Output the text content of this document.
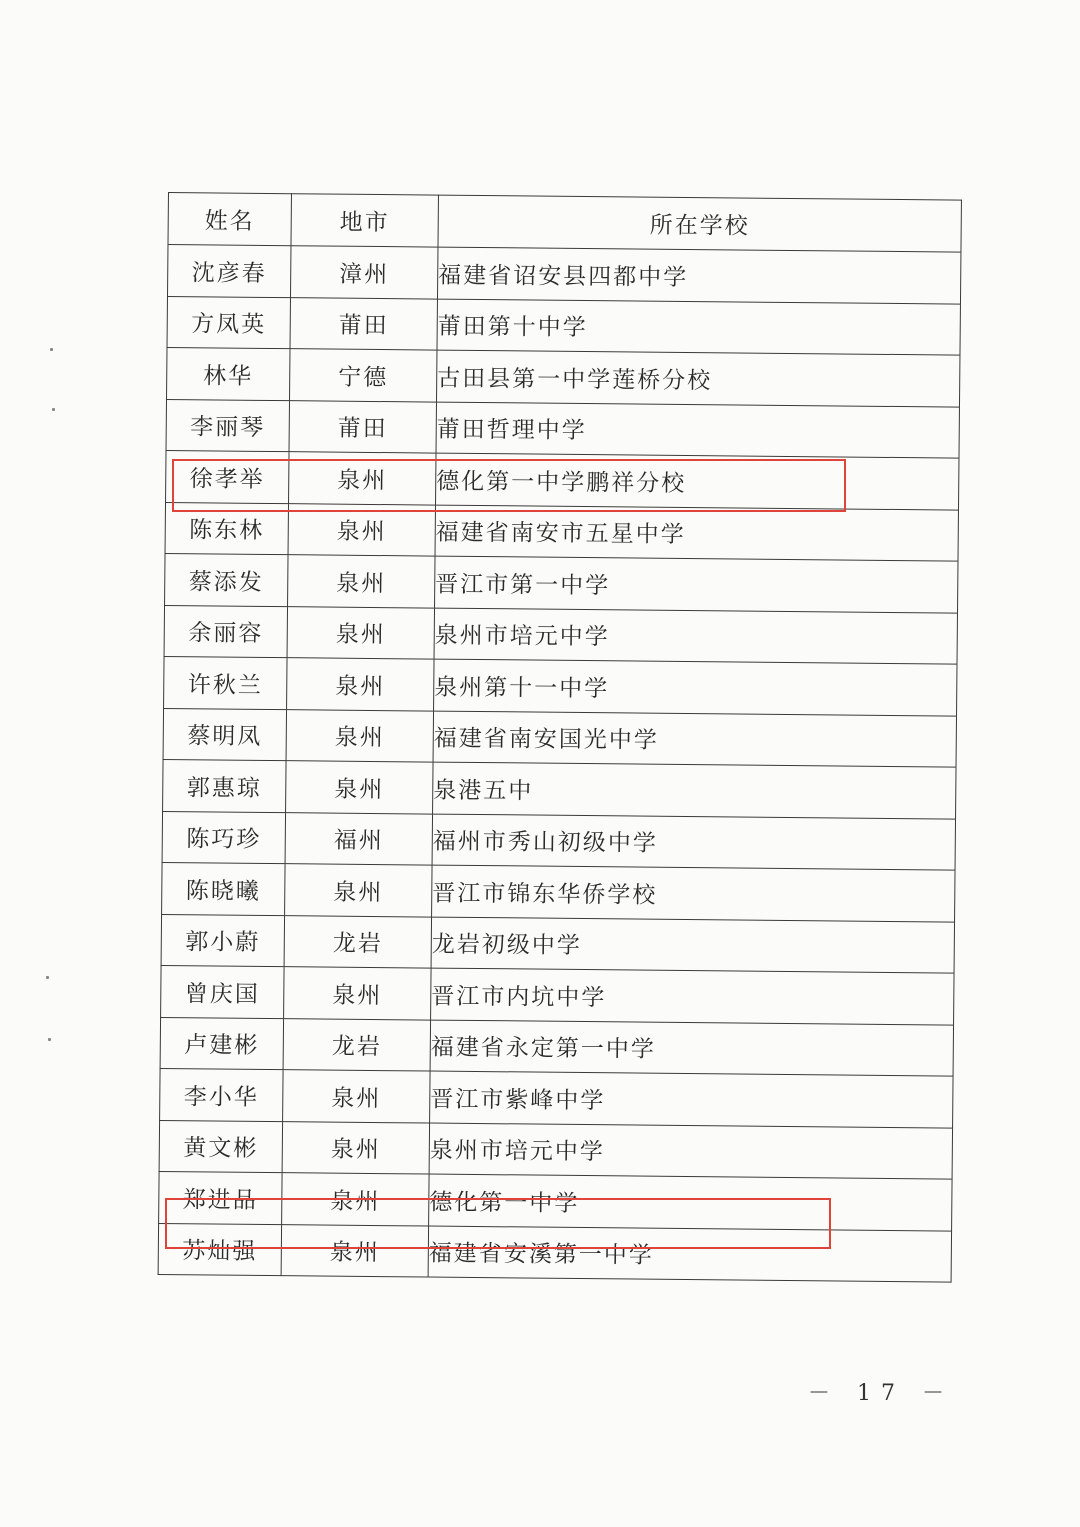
姓名	地市	所在学校
沈彦春	漳州	福建省诏安县四都中学
方凤英	莆田	莆田第十中学
林华	宁德	古田县第一中学莲桥分校
李丽琴	莆田	莆田哲理中学
徐孝举	泉州	德化第一中学鹏祥分校
陈东林	泉州	福建省南安市五星中学
蔡添发	泉州	晋江市第一中学
余丽容	泉州	泉州市培元中学
许秋兰	泉州	泉州第十一中学
蔡明凤	泉州	福建省南安国光中学
郭惠琼	泉州	泉港五中
陈巧珍	福州	福州市秀山初级中学
陈晓曦	泉州	晋江市锦东华侨学校
郭小蔚	龙岩	龙岩初级中学
曾庆国	泉州	晋江市内坑中学
卢建彬	龙岩	福建省永定第一中学
李小华	泉州	晋江市紫峰中学
黄文彬	泉州	泉州市培元中学
郑进品	泉州	德化第一中学
苏灿强	泉州	福建省安溪第一中学
－ 17 －
